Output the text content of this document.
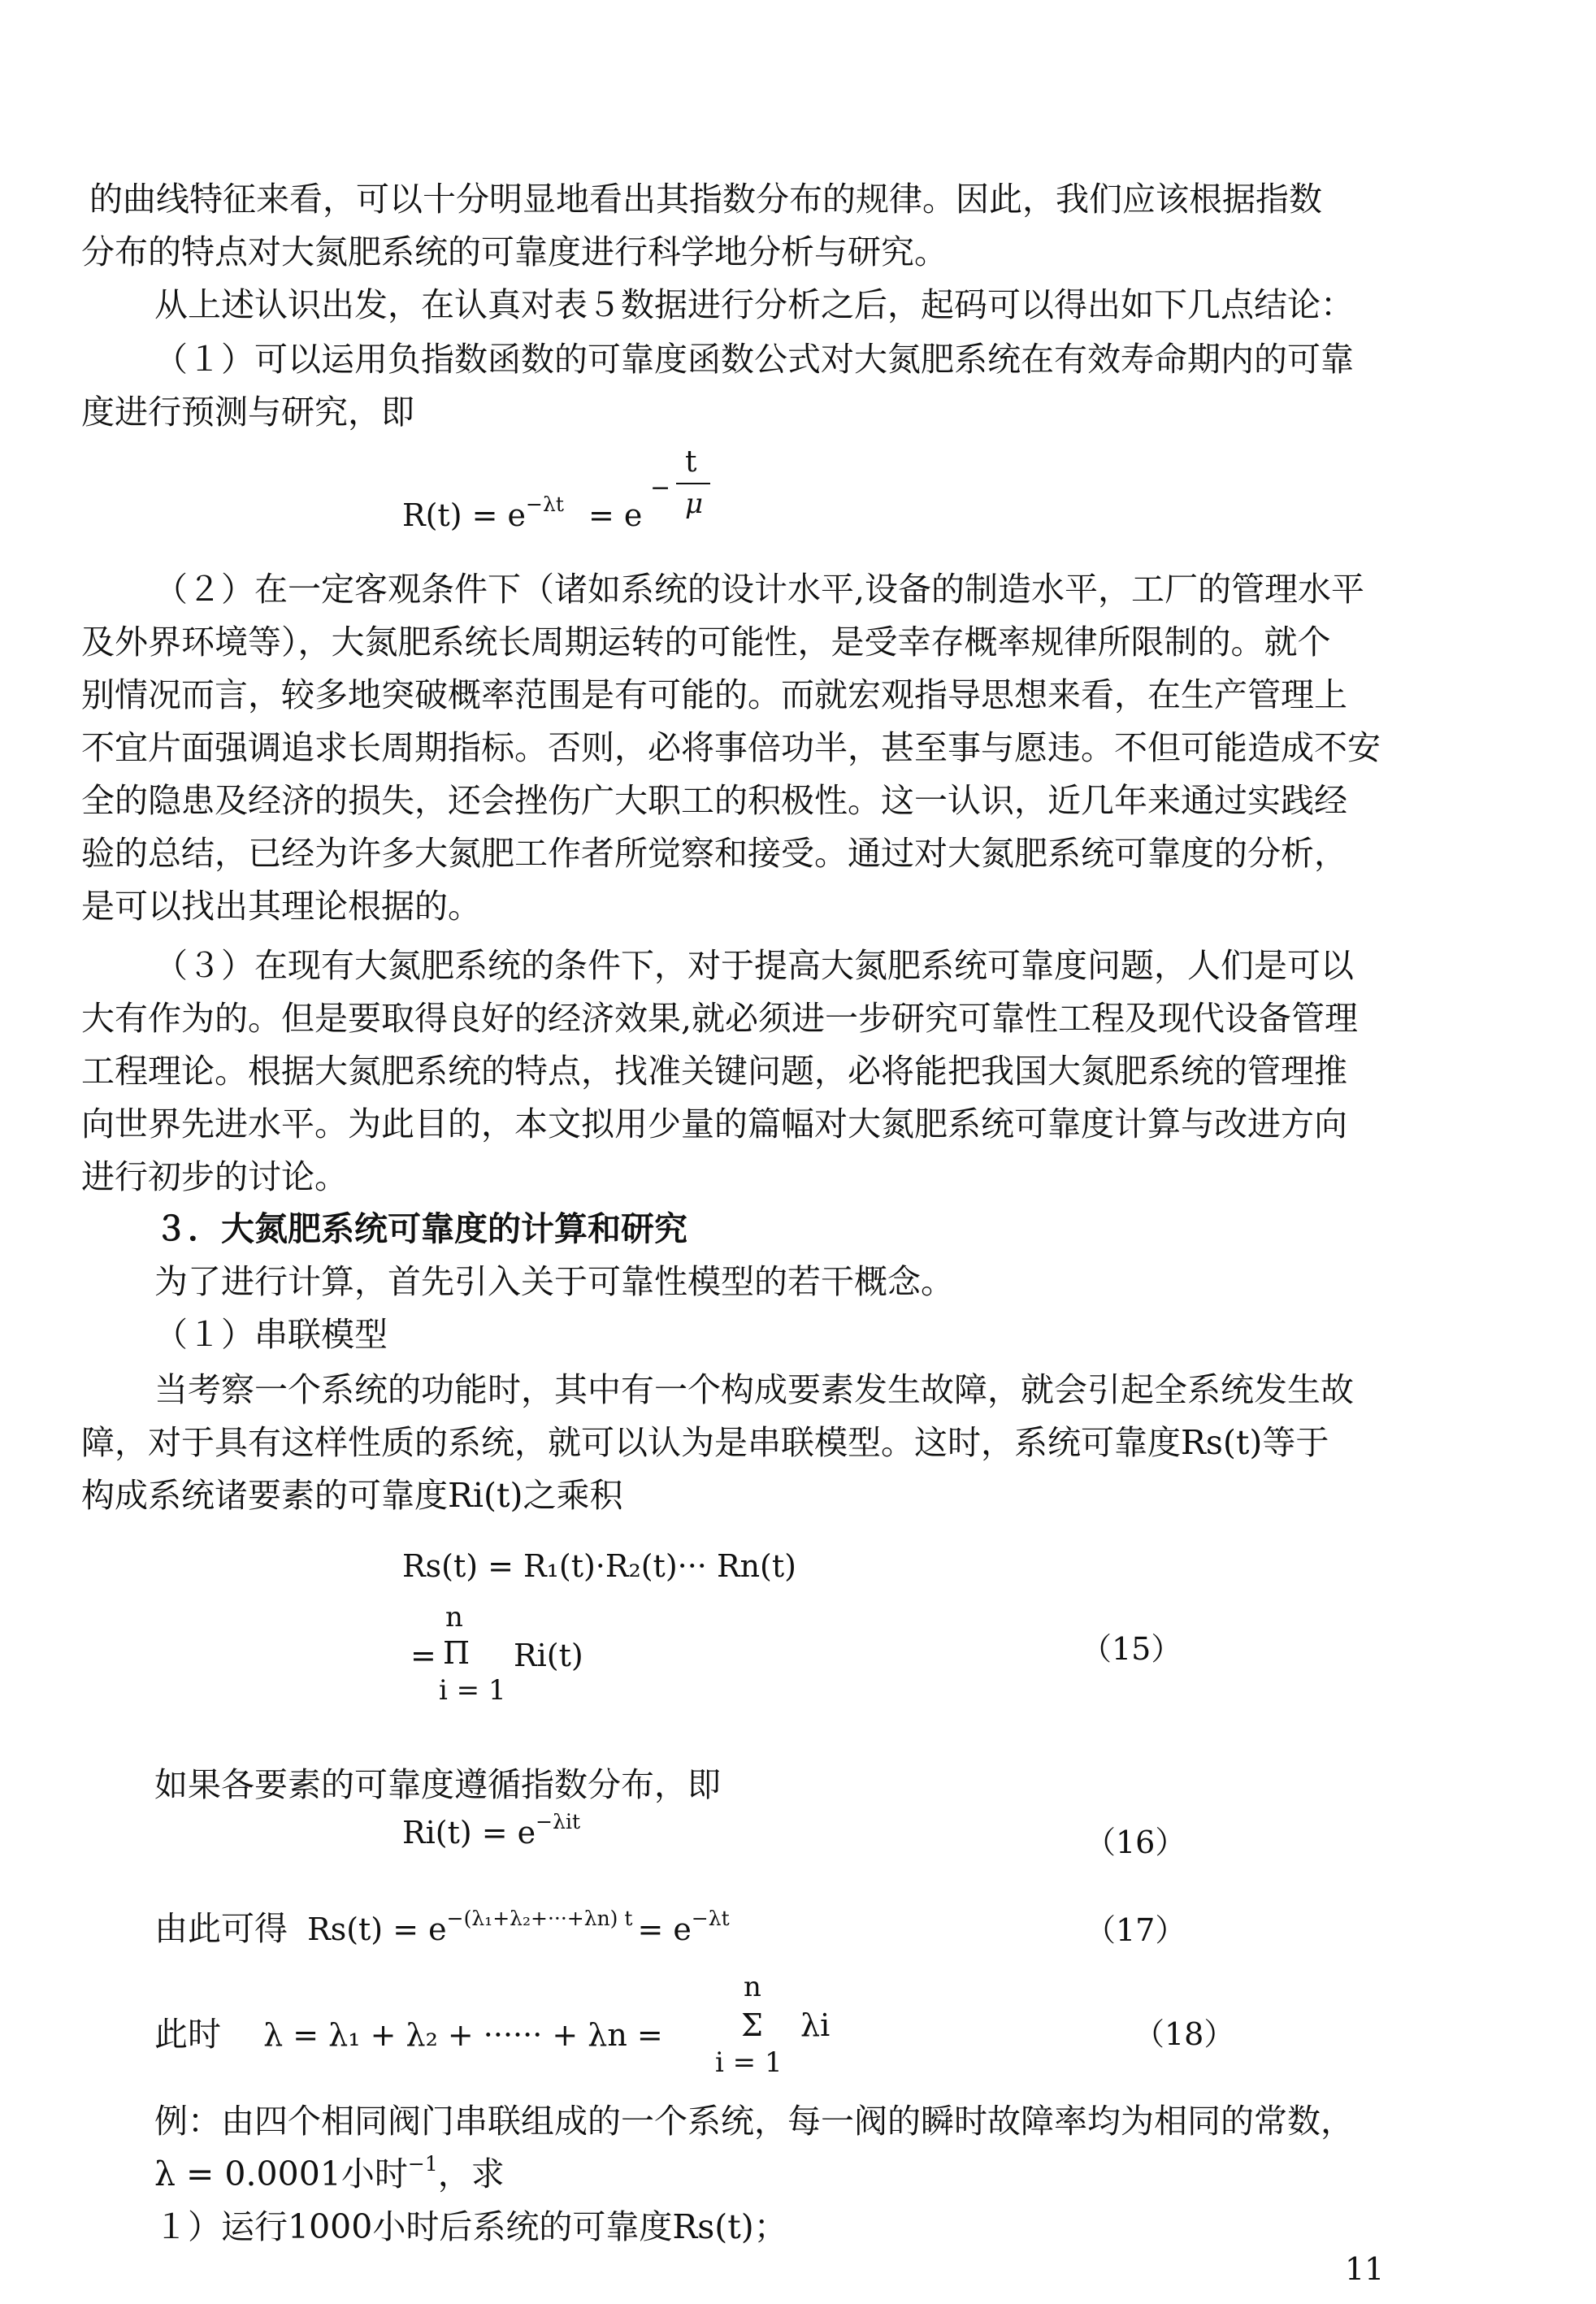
的曲线特征来看，可以十分明显地看出其指数分布的规律。因此，我们应该根据指数
分布的特点对大氮肥系统的可靠度进行科学地分析与研究。
从上述认识出发，在认真对表５数据进行分析之后，起码可以得出如下几点结论：
（１）可以运用负指数函数的可靠度函数公式对大氮肥系统在有效寿命期内的可靠
度进行预测与研究，即
$R(t) = e^{-\lambda t} = e$
−
t
μ
（２）在一定客观条件下（诸如系统的设计水平,设备的制造水平，工厂的管理水平
及外界环境等），大氮肥系统长周期运转的可能性，是受幸存概率规律所限制的。就个
别情况而言，较多地突破概率范围是有可能的。而就宏观指导思想来看，在生产管理上
不宜片面强调追求长周期指标。否则，必将事倍功半，甚至事与愿违。不但可能造成不安
全的隐患及经济的损失，还会挫伤广大职工的积极性。这一认识，近几年来通过实践经
验的总结，已经为许多大氮肥工作者所觉察和接受。通过对大氮肥系统可靠度的分析，
是可以找出其理论根据的。
（３）在现有大氮肥系统的条件下，对于提高大氮肥系统可靠度问题，人们是可以
大有作为的。但是要取得良好的经济效果,就必须进一步研究可靠性工程及现代设备管理
工程理论。根据大氮肥系统的特点，找准关键问题，必将能把我国大氮肥系统的管理推
向世界先进水平。为此目的，本文拟用少量的篇幅对大氮肥系统可靠度计算与改进方向
进行初步的讨论。
３．大氮肥系统可靠度的计算和研究
为了进行计算，首先引入关于可靠性模型的若干概念。
（１）串联模型
当考察一个系统的功能时，其中有一个构成要素发生故障，就会引起全系统发生故
障，对于具有这样性质的系统，就可以认为是串联模型。这时，系统可靠度Rs(t)等于
构成系统诸要素的可靠度Ri(t)之乘积
Rs(t) = R₁(t)·R₂(t)··· Rn(t)
n
= Π Ri(t)
i = 1
（15）
如果各要素的可靠度遵循指数分布，即
$Ri(t) = e^{-\lambda it}$
（16）
由此可得 $Rs(t) = e^{-(\lambda_1+\lambda_2+\cdot\cdot\cdot+\lambda n) t} = e^{-\lambda t}$	（17）
n
此时 λ = λ₁ + λ₂ + ······ + λn =	Σ λi
i = 1
（18）
例：由四个相同阀门串联组成的一个系统，每一阀的瞬时故障率均为相同的常数，
λ = 0.0001小时$^{-1}$，求
１）运行1000小时后系统的可靠度Rs(t)；
11
